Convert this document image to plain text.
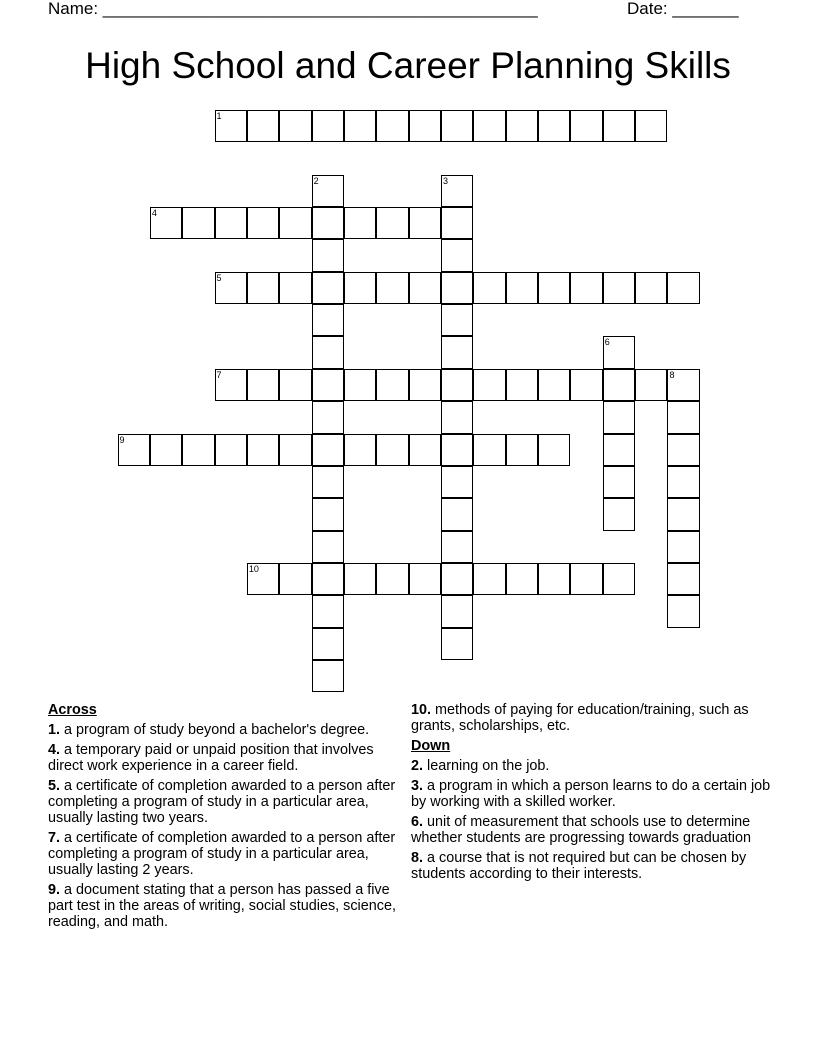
Name: ______________________________________________	Date: _______
High School and Career Planning Skills
1
2	3
4
5
6
7	8
9
10
Across
1. a program of study beyond a bachelor's degree.
4. a temporary paid or unpaid position that involves direct work experience in a career field.
5. a certificate of completion awarded to a person after completing a program of study in a particular area, usually lasting two years.
7. a certificate of completion awarded to a person after completing a program of study in a particular area, usually lasting 2 years.
9. a document stating that a person has passed a five part test in the areas of writing, social studies, science, reading, and math.
10. methods of paying for education/training, such as grants, scholarships, etc.
Down
2. learning on the job.
3. a program in which a person learns to do a certain job by working with a skilled worker.
6. unit of measurement that schools use to determine whether students are progressing towards graduation
8. a course that is not required but can be chosen by students according to their interests.
